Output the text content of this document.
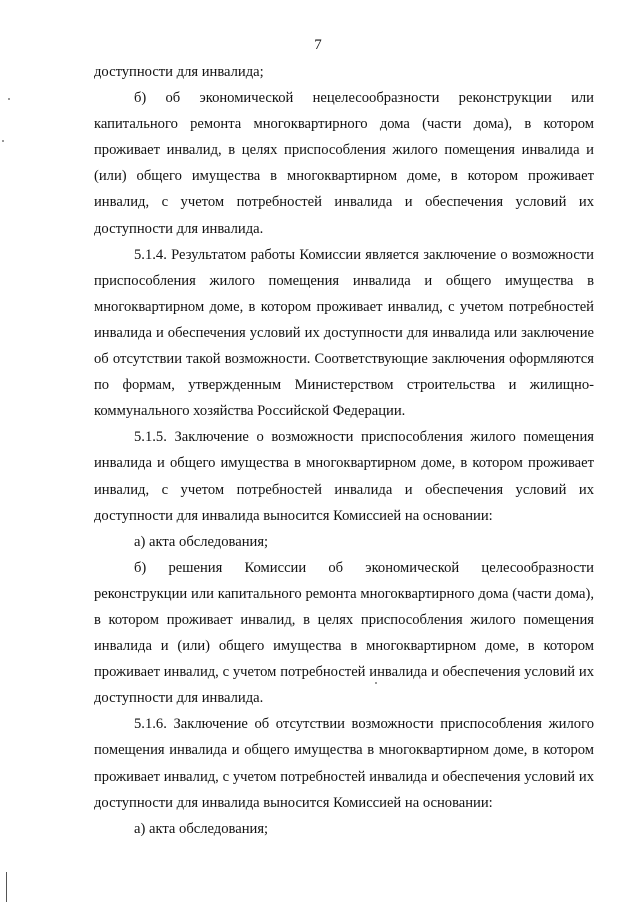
7

доступности для инвалида;

б) об экономической нецелесообразности реконструкции или капитального ремонта многоквартирного дома (части дома), в котором проживает инвалид, в целях приспособления жилого помещения инвалида и (или) общего имущества в многоквартирном доме, в котором проживает инвалид, с учетом потребностей инвалида и обеспечения условий их доступности для инвалида.

5.1.4. Результатом работы Комиссии является заключение о возможности приспособления жилого помещения инвалида и общего имущества в многоквартирном доме, в котором проживает инвалид, с учетом потребностей инвалида и обеспечения условий их доступности для инвалида или заключение об отсутствии такой возможности. Соответствующие заключения оформляются по формам, утвержденным Министерством строительства и жилищно-коммунального хозяйства Российской Федерации.

5.1.5. Заключение о возможности приспособления жилого помещения инвалида и общего имущества в многоквартирном доме, в котором проживает инвалид, с учетом потребностей инвалида и обеспечения условий их доступности для инвалида выносится Комиссией на основании:

а) акта обследования;

б) решения Комиссии об экономической целесообразности реконструкции или капитального ремонта многоквартирного дома (части дома), в котором проживает инвалид, в целях приспособления жилого помещения инвалида и (или) общего имущества в многоквартирном доме, в котором проживает инвалид, с учетом потребностей инвалида и обеспечения условий их доступности для инвалида.

5.1.6. Заключение об отсутствии возможности приспособления жилого помещения инвалида и общего имущества в многоквартирном доме, в котором проживает инвалид, с учетом потребностей инвалида и обеспечения условий их доступности для инвалида выносится Комиссией на основании:

а) акта обследования;
